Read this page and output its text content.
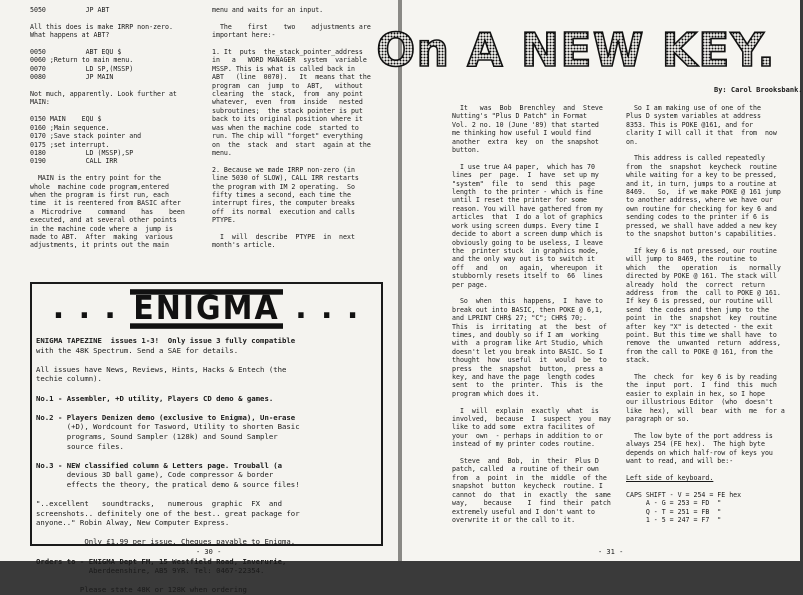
5050          JP ABT

All this does is make IRRP non-zero.
What happens at ABT?

0050          ABT EQU $
0060 ;Return to main menu.
0070          LD SP,(MSSP)
0080          JP MAIN

Not much, apparently. Look further at
MAIN:

0150 MAIN    EQU $
0160 ;Main sequence.
0170 ;Save stack pointer and
0175 ;set interrupt.
0180          LD (MSSP),SP
0190          CALL IRR

MAIN is the entry point for the
whole  machine code program,entered
when the program is first run, each
time  it is reentered from BASIC after
a  Microdrive    command    has    been
executed, and at several other points
in the machine code where a  jump is
made to ABT.  After  making  various
adjustments, it prints out the main
menu and waits for an input.

The    first    two    adjustments are
important here:-

1. It  puts  the_stack_pointer_address
in   a   WORD MANAGER  system  variable
MSSP. This is what is called back in
ABT   (line  0070).   It  means that the
program  can  jump  to  ABT,   without
clearing  the  stack,  from  any point
whatever,  even  from  inside   nested
subroutines;  the stack pointer is put
back to its original position where it
was when the machine code  started to
run. The chip will "forget" everything
on  the  stack  and  start  again at the
menu.

2. Because we made IRRP non-zero (in
line 5030 of SLOW), CALL IRR restarts
the program with IM 2 operating.  So
fifty times a second, each time the
interrupt fires, the computer breaks
off  its normal  execution and calls
PTYPE.

I  will  describe  PTYPE  in  next
month's article.
. . . ENIGMA . . .
ENIGMA TAPEZINE  issues 1-3!  Only issue 3 fully compatible
with the 48K Spectrum. Send a SAE for details.

All issues have News, Reviews, Hints, Hacks & Entech (the
techie column).

No.1 - Assembler, +D utility, Players CD demo & games.

No.2 - Players Denizen demo (exclusive to Enigma), Un-erase
(+D), Wordcount for Tasword, Utility to shorten Basic
programs, Sound Sampler (128k) and Sound Sampler
source files.

No.3 - NEW classified column & Letters page. Trouball (a
devious 3D ball game), Code compressor & border
effects the theory, the pratical demo & source files!

"..excellent   soundtracks,   numerous  graphic  FX  and
screenshots.. definitely one of the best.. great package for
anyone.." Robin Alway, New Computer Express.

Only £1.99 per issue. Cheques payable to Enigma.

Orders to - ENIGMA Dept FM, 15 Westfield Road, Inverurie,
Aberdeenshire, AB5 9YR. Tel: 0467-22354.

Please state 48K or 128K when ordering
- 30 -
On A NEW KEY.
By: Carol Brooksbank.
It   was  Bob  Brenchley  and  Steve
Nutting's "Plus D Patch" in Format
Vol. 2 no. 10 (June '89) that started
me thinking how useful I would find
another  extra  key  on  the snapshot
button.

I use true A4 paper,  which has 70
lines  per  page.  I  have  set up my
"system"  file  to  send  this  page
length  to the printer - which is fine
until I reset the printer for some
reason. You will have gathered from my
articles  that  I do a lot of graphics
work using screen dumps. Every time I
decide to abort a screen dump which is
obviously going to be useless, I leave
the  printer stuck  in graphics mode,
and the only way out is to switch it
off   and   on   again,  whereupon  it
stubbornly resets itself to  66  lines
per page.

So  when  this  happens,  I  have to
break out into BASIC, then POKE @ 6,1,
and LPRINT CHR$ 27; "C"; CHR$ 70;.
This  is  irritating  at  the  best  of
times, and doubly so if I am  working
with  a program like Art Studio, which
doesn't let you break into BASIC. So I
thought  how  useful  it  would  be  to
press  the  snapshot  button,  press a
key, and have the page  length codes
sent  to  the  printer.  This  is  the
program which does it.

I  will  explain  exactly  what  is
involved,  because  I  suspect  you  may
like to add some  extra facilites of
your  own  - perhaps in addition to or
instead of my printer codes routine.

Steve  and  Bob,  in  their  Plus D
patch, called  a routine of their own
from  a  point  in  the  middle  of the
snapshot  button  keycheck  routine. I
cannot  do  that  in  exactly  the  same
way,    because    I  find  their  patch
extremely useful and I don't want to
overwrite it or the call to it.
So I am making use of one of the
Plus D system variables at address
8353. This is POKE @161, and for
clarity I will call it that  from  now
on.

This address is called repeatedly
from  the  snapshot  keycheck  routine
while waiting for a key to be pressed,
and it, in turn, jumps to a routine at
8469.   So,  if we make POKE @ 161 jump
to another address, where we have our
own routine for checking for key 6 and
sending codes to the printer if 6 is
pressed, we shall have added a new key
to the snapshot button's capabilities.

If key 6 is not pressed, our routine
will jump to 8469, the routine to
which   the   operation   is   normally
directed by POKE @ 161. The stack will
already  hold  the  correct  return
address  from  the  call to POKE @ 161.
If key 6 is pressed, our routine will
send  the codes and then jump to the
point  in  the  snapshot  key  routine
after  key "X" is detected - the exit
point. But this time we shall have  to
remove  the  unwanted  return  address,
from the call to POKE @ 161, from the
stack.

The  check  for  key 6 is by reading
the  input  port.  I  find  this  much
easier to explain in hex, so I hope
our illustrious Editor  (who  doesn't
like  hex),  will  bear  with  me  for a
paragraph or so.

The low byte of the port address is
always 254 (FE hex).  The high byte
depends on which half-row of keys you
want to read, and will be:-

Left side of keyboard.

CAPS SHIFT - V = 254 = FE hex
A - G = 253 = FD  "
Q - T = 251 = FB  "
1 - 5 = 247 = F7  "
- 31 -
